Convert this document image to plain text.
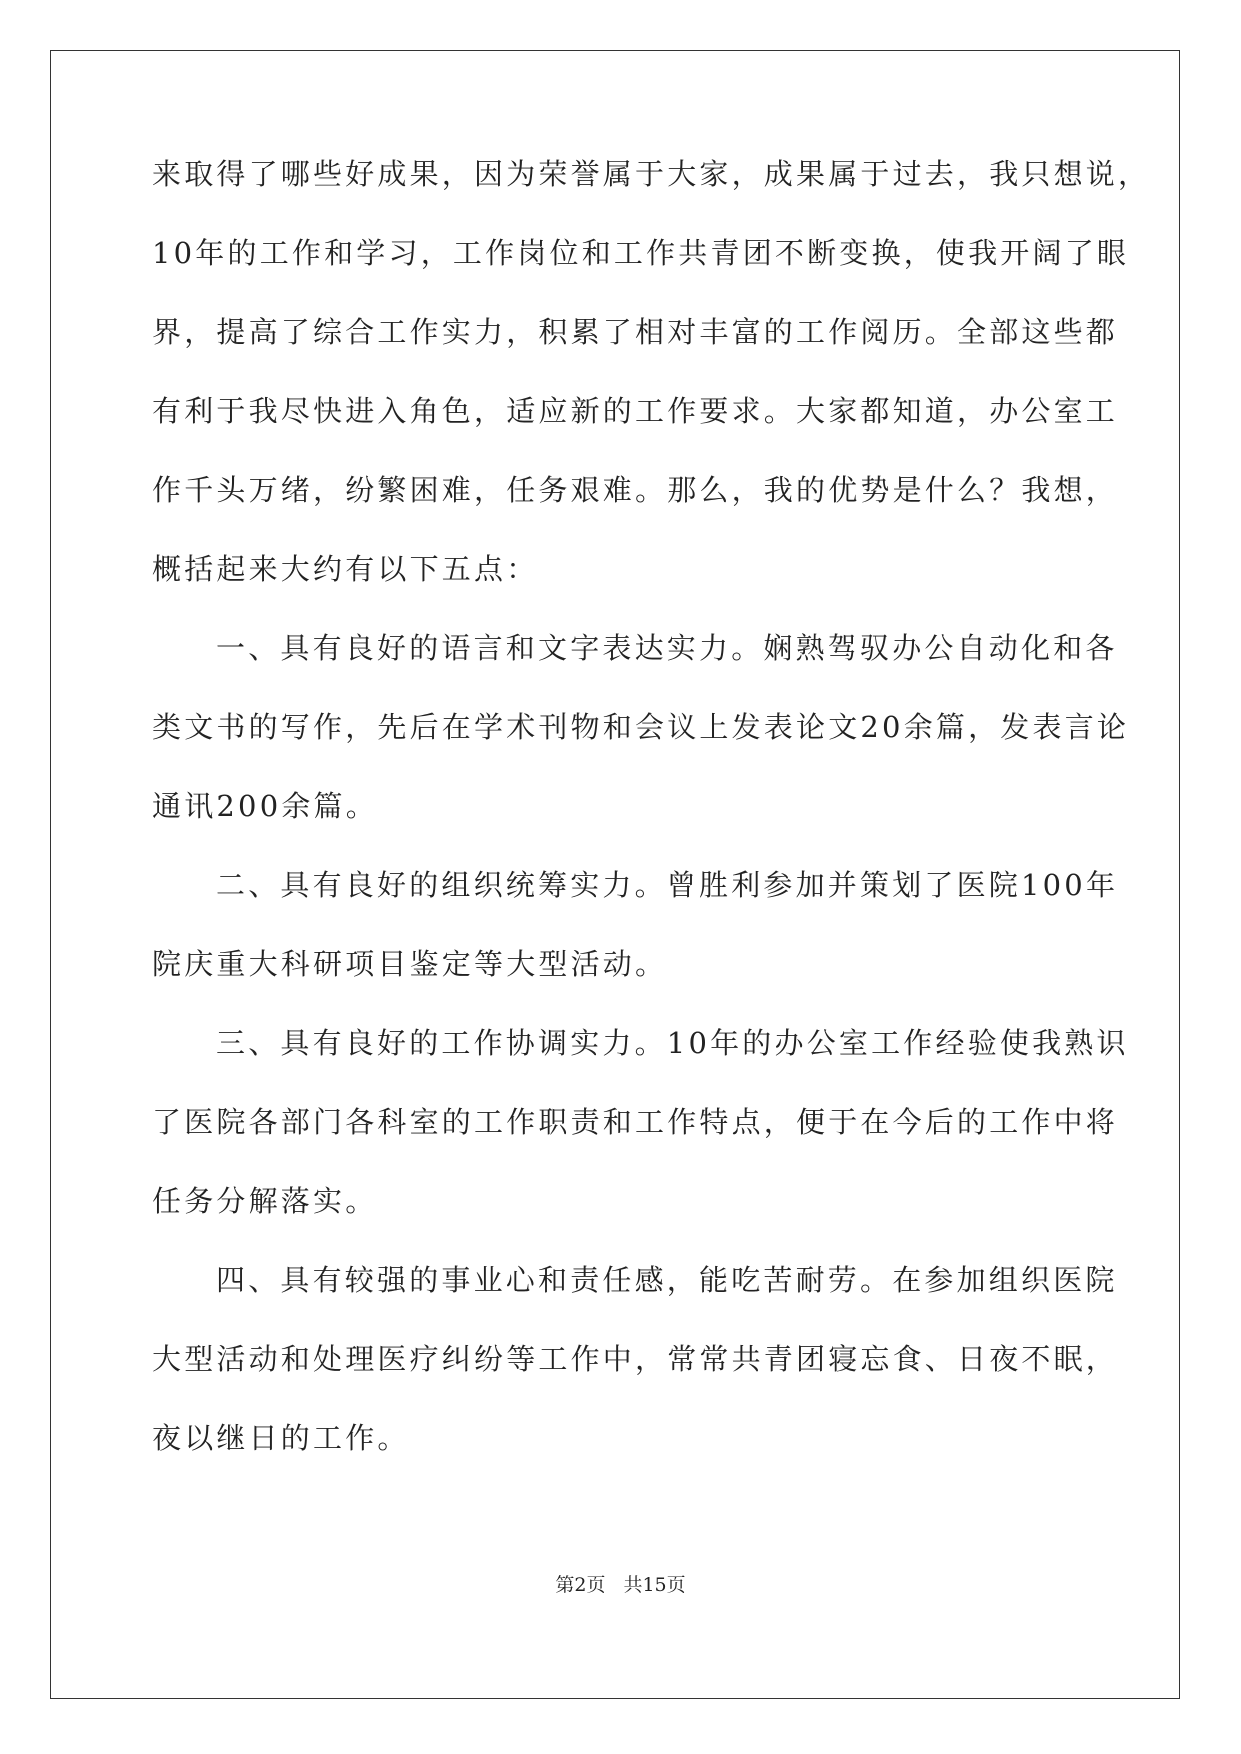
来取得了哪些好成果，因为荣誉属于大家，成果属于过去，我只想说，
10年的工作和学习，工作岗位和工作共青团不断变换，使我开阔了眼
界，提高了综合工作实力，积累了相对丰富的工作阅历。全部这些都
有利于我尽快进入角色，适应新的工作要求。大家都知道，办公室工
作千头万绪，纷繁困难，任务艰难。那么，我的优势是什么？我想，
概括起来大约有以下五点：
一、具有良好的语言和文字表达实力。娴熟驾驭办公自动化和各
类文书的写作，先后在学术刊物和会议上发表论文20余篇，发表言论
通讯200余篇。
二、具有良好的组织统筹实力。曾胜利参加并策划了医院100年
院庆重大科研项目鉴定等大型活动。
三、具有良好的工作协调实力。10年的办公室工作经验使我熟识
了医院各部门各科室的工作职责和工作特点，便于在今后的工作中将
任务分解落实。
四、具有较强的事业心和责任感，能吃苦耐劳。在参加组织医院
大型活动和处理医疗纠纷等工作中，常常共青团寝忘食、日夜不眠，
夜以继日的工作。
第2页 共15页
